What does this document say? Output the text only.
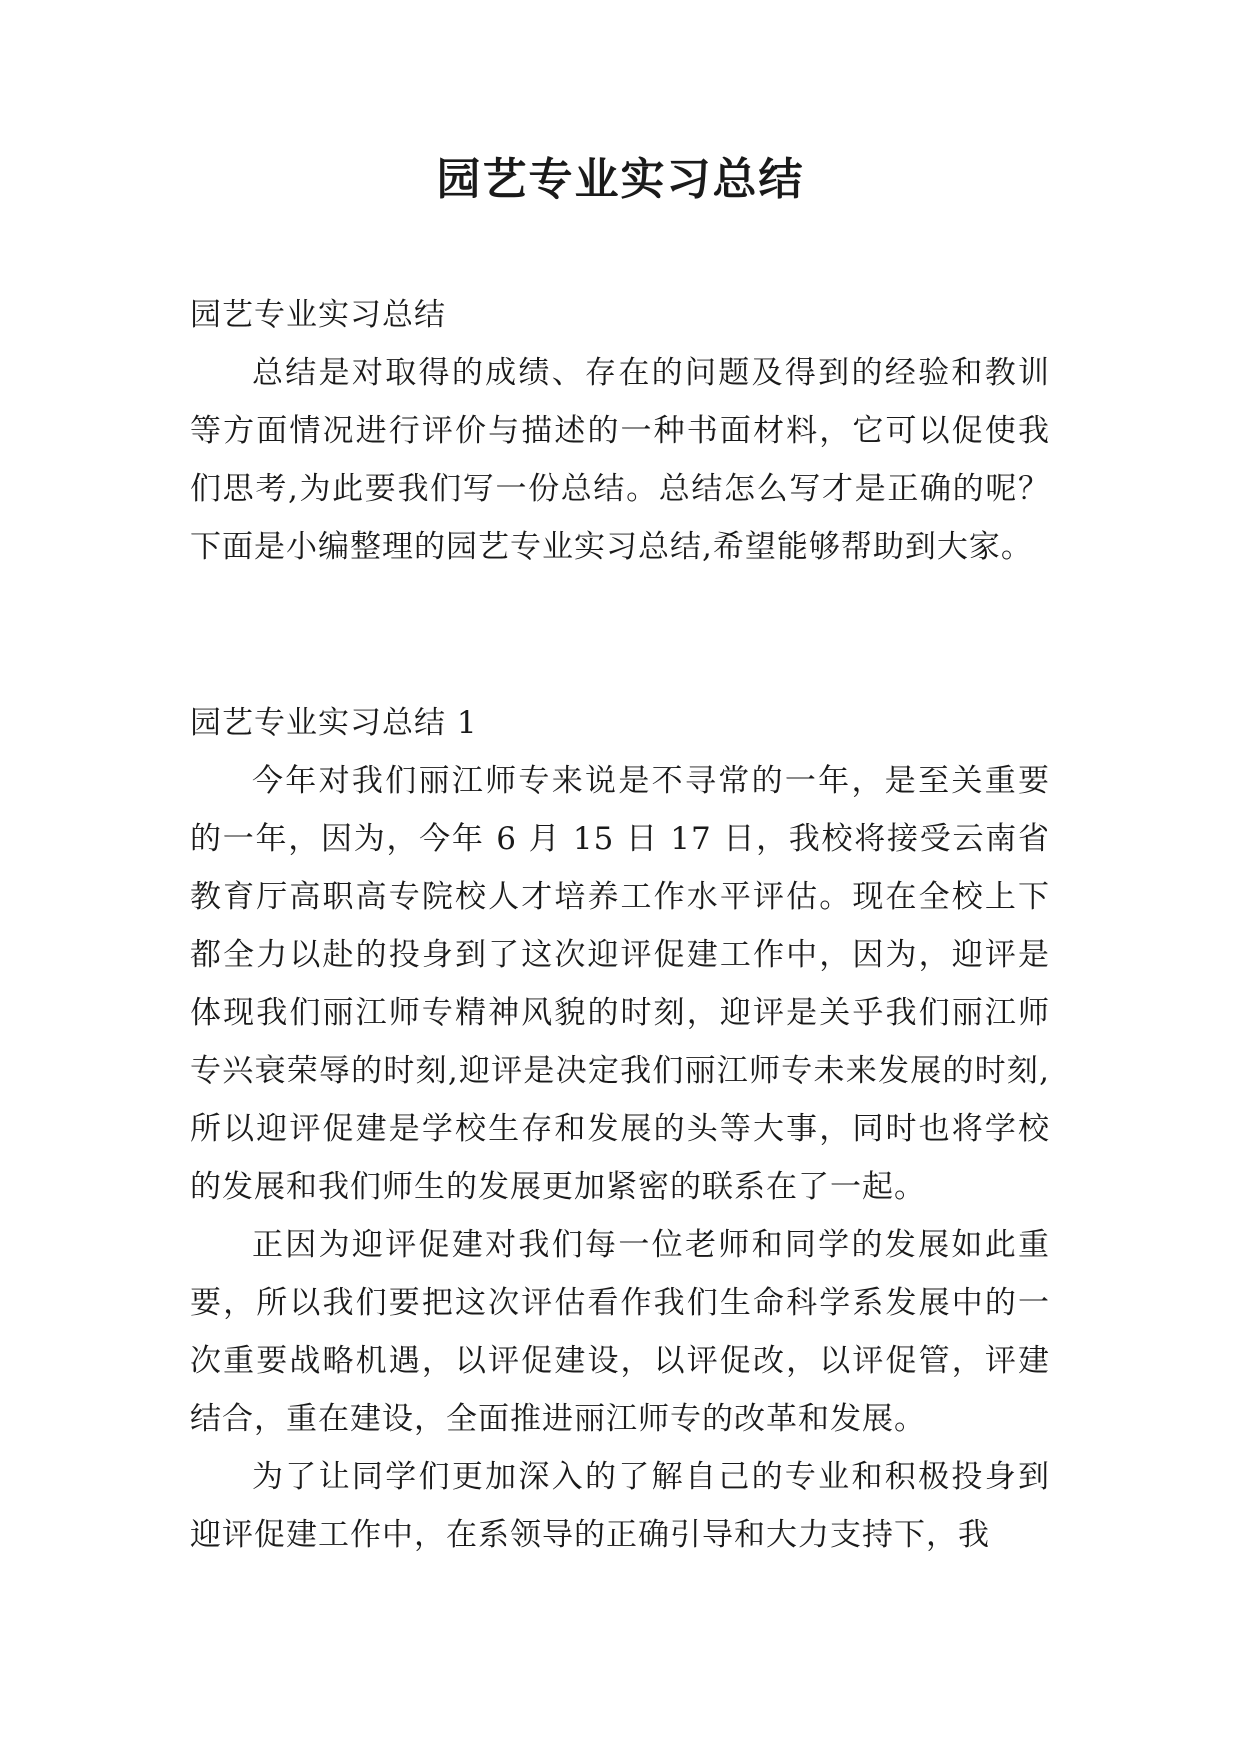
园艺专业实习总结

园艺专业实习总结

总结是对取得的成绩、存在的问题及得到的经验和教训等方面情况进行评价与描述的一种书面材料，它可以促使我们思考,为此要我们写一份总结。总结怎么写才是正确的呢？下面是小编整理的园艺专业实习总结,希望能够帮助到大家。

园艺专业实习总结 1

今年对我们丽江师专来说是不寻常的一年，是至关重要的一年，因为，今年 6 月 15 日 17 日，我校将接受云南省教育厅高职高专院校人才培养工作水平评估。现在全校上下都全力以赴的投身到了这次迎评促建工作中，因为，迎评是体现我们丽江师专精神风貌的时刻，迎评是关乎我们丽江师专兴衰荣辱的时刻,迎评是决定我们丽江师专未来发展的时刻,所以迎评促建是学校生存和发展的头等大事，同时也将学校的发展和我们师生的发展更加紧密的联系在了一起。

正因为迎评促建对我们每一位老师和同学的发展如此重要，所以我们要把这次评估看作我们生命科学系发展中的一次重要战略机遇，以评促建设，以评促改，以评促管，评建结合，重在建设，全面推进丽江师专的改革和发展。

为了让同学们更加深入的了解自己的专业和积极投身到迎评促建工作中，在系领导的正确引导和大力支持下，我
